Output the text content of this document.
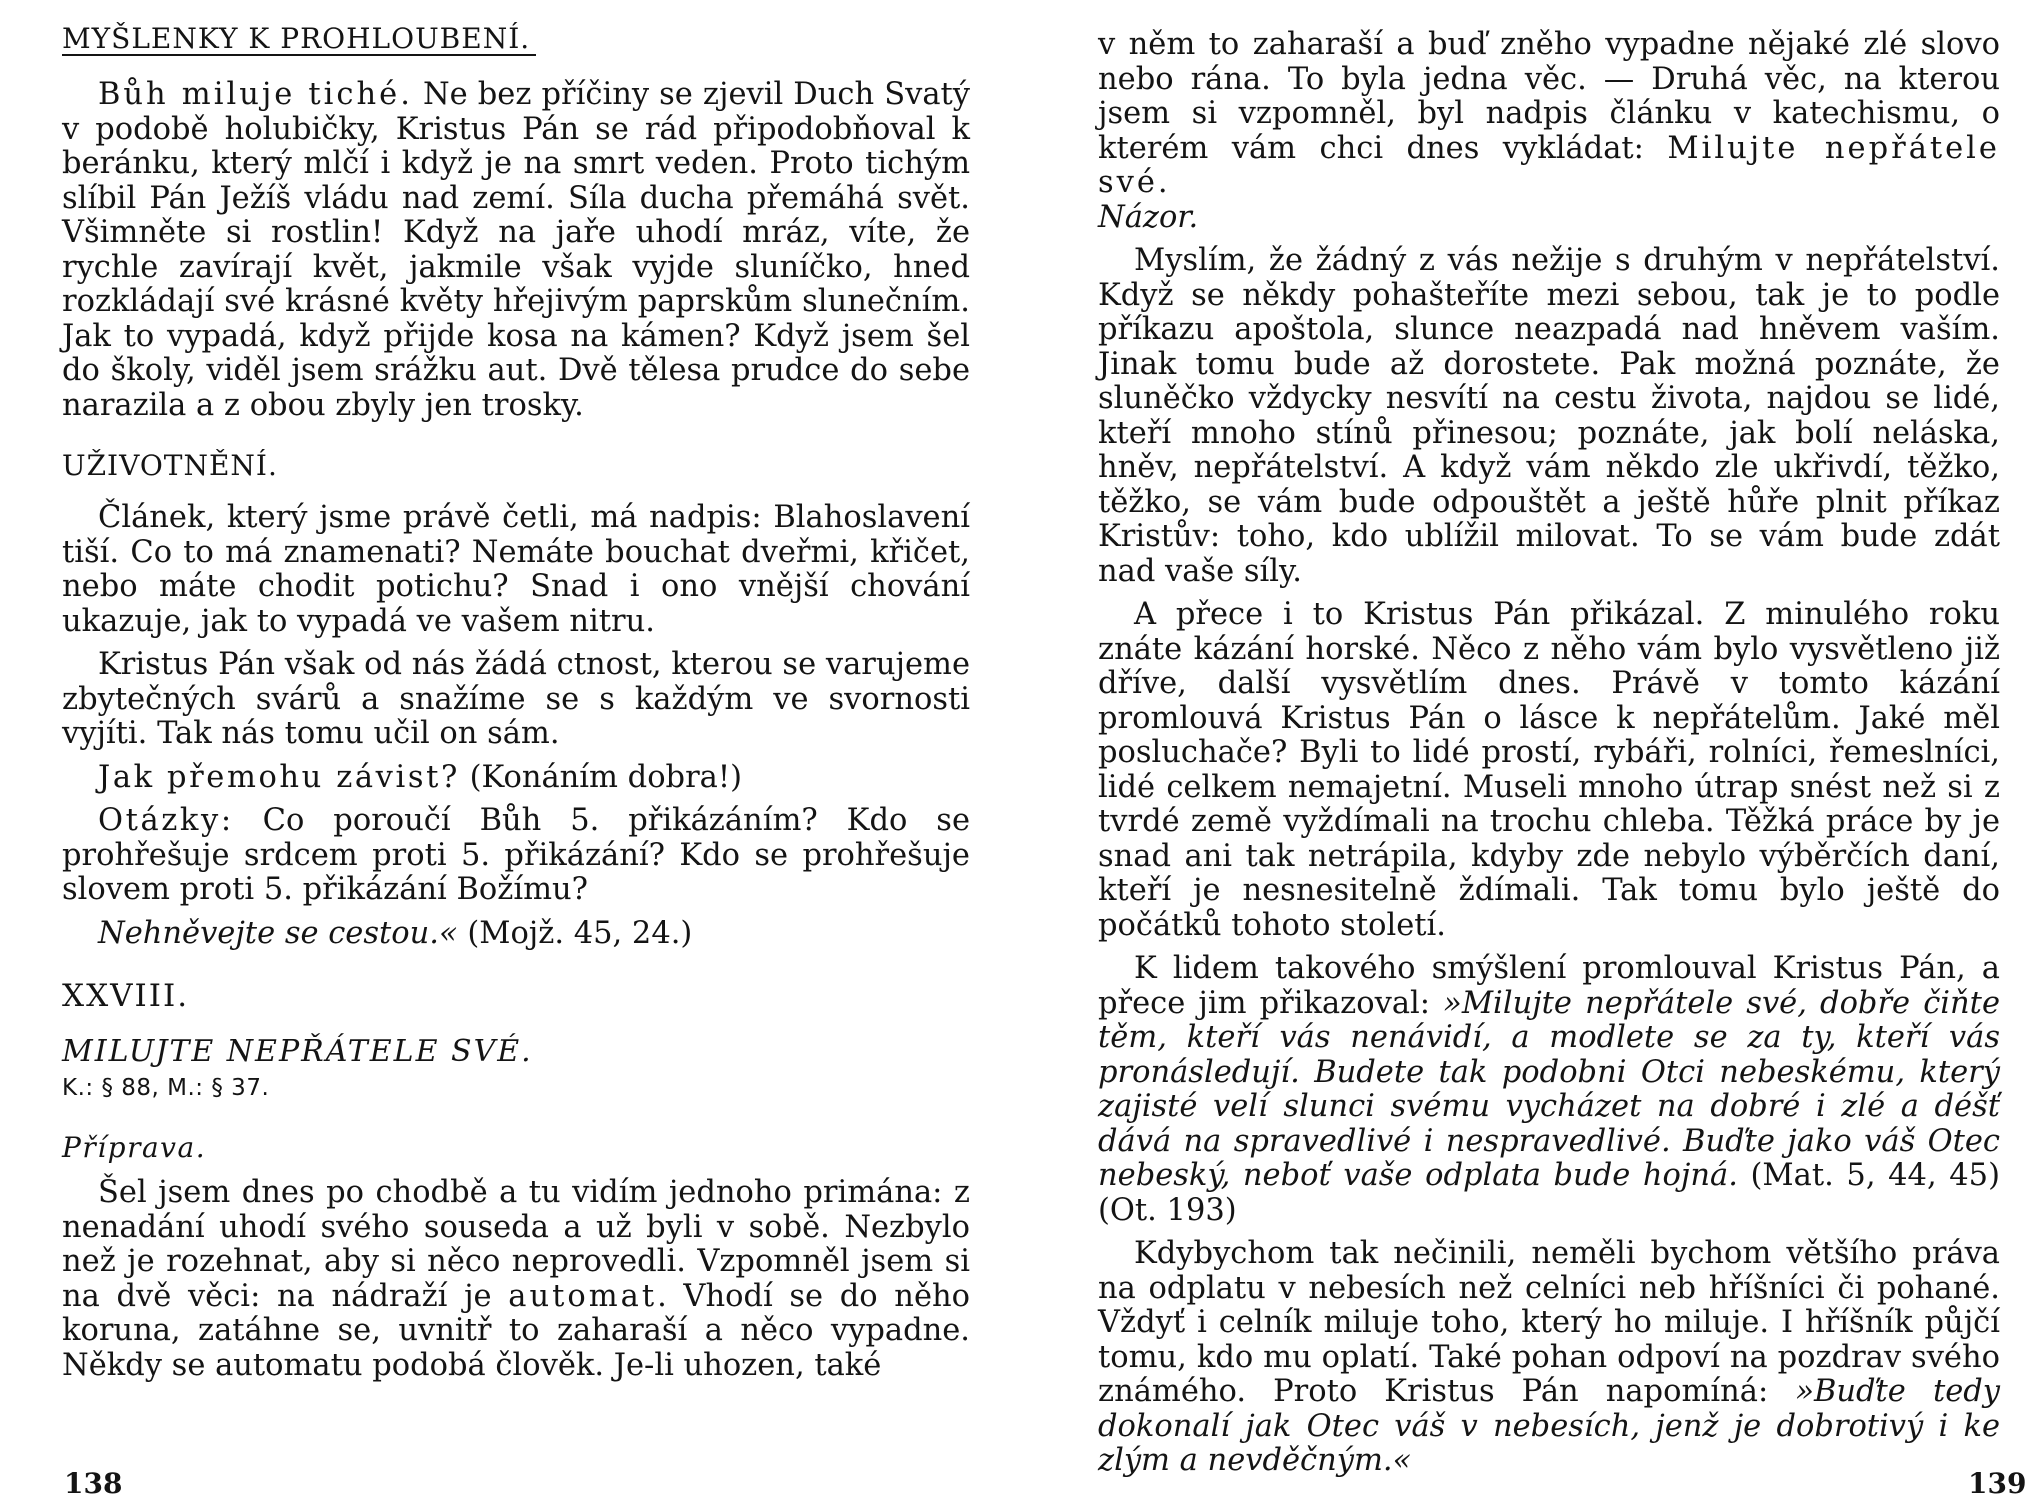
MYŠLENKY K PROHLOUBENÍ.

Bůh miluje tiché. Ne bez příčiny se zjevil Duch Svatý v podobě holubičky, Kristus Pán se rád připodobňoval k beránku, který mlčí i když je na smrt veden. Proto tichým slíbil Pán Ježíš vládu nad zemí. Síla ducha přemáhá svět. Všimněte si rostlin! Když na jaře uhodí mráz, víte, že rychle zavírají květ, jakmile však vyjde sluníčko, hned rozkládají své krásné květy hřejivým paprskům slunečním. Jak to vypadá, když přijde kosa na kámen? Když jsem šel do školy, viděl jsem srážku aut. Dvě tělesa prudce do sebe narazila a z obou zbyly jen trosky.

UŽIVOTNĚNÍ.

Článek, který jsme právě četli, má nadpis: Blahoslavení tiší. Co to má znamenati? Nemáte bouchat dveřmi, křičet, nebo máte chodit potichu? Snad i ono vnější chování ukazuje, jak to vypadá ve vašem nitru.

Kristus Pán však od nás žádá ctnost, kterou se varujeme zbytečných svárů a snažíme se s každým ve svornosti vyjíti. Tak nás tomu učil on sám.

Jak přemohu závist? (Konáním dobra!)

Otázky: Co poroučí Bůh 5. přikázáním? Kdo se prohřešuje srdcem proti 5. přikázání? Kdo se prohřešuje slovem proti 5. přikázání Božímu?

Nehněvejte se cestou.« (Mojž. 45, 24.)

XXVIII.
MILUJTE NEPŘÁTELE SVÉ.
K.: § 88, M.: § 37.
Příprava.

Šel jsem dnes po chodbě a tu vidím jednoho primána: z nenadání uhodí svého souseda a už byli v sobě. Nezbylo než je rozehnat, aby si něco neprovedli. Vzpomněl jsem si na dvě věci: na nádraží je automat. Vhodí se do něho koruna, zatáhne se, uvnitř to zaharaší a něco vypadne. Někdy se automatu podobá člověk. Je-li uhozen, také

138

v něm to zaharaší a buď zněho vypadne nějaké zlé slovo nebo rána. To byla jedna věc. — Druhá věc, na kterou jsem si vzpomněl, byl nadpis článku v katechismu, o kterém vám chci dnes vykládat: Milujte nepřátele své.
Názor.

Myslím, že žádný z vás nežije s druhým v nepřátelství. Když se někdy pohašteříte mezi sebou, tak je to podle příkazu apoštola, slunce neazpadá nad hněvem vaším. Jinak tomu bude až dorostete. Pak možná poznáte, že sluněčko vždycky nesvítí na cestu života, najdou se lidé, kteří mnoho stínů přinesou; poznáte, jak bolí neláska, hněv, nepřátelství. A když vám někdo zle ukřivdí, těžko, těžko, se vám bude odpouštět a ještě hůře plnit příkaz Kristův: toho, kdo ublížil milovat. To se vám bude zdát nad vaše síly.

A přece i to Kristus Pán přikázal. Z minulého roku znáte kázání horské. Něco z něho vám bylo vysvětleno již dříve, další vysvětlím dnes. Právě v tomto kázání promlouvá Kristus Pán o lásce k nepřátelům. Jaké měl posluchače? Byli to lidé prostí, rybáři, rolníci, řemeslníci, lidé celkem nemajetní. Museli mnoho útrap snést než si z tvrdé země vyždímali na trochu chleba. Těžká práce by je snad ani tak netrápila, kdyby zde nebylo výběrčích daní, kteří je nesnesitelně ždímali. Tak tomu bylo ještě do počátků tohoto století.

K lidem takového smýšlení promlouval Kristus Pán, a přece jim přikazoval: »Milujte nepřátele své, dobře čiňte těm, kteří vás nenávidí, a modlete se za ty, kteří vás pronásledují. Budete tak podobni Otci nebeskému, který zajisté velí slunci svému vycházet na dobré i zlé a déšť dává na spravedlivé i nespravedlivé. Buďte jako váš Otec nebeský, neboť vaše odplata bude hojná. (Mat. 5, 44, 45) (Ot. 193)

Kdybychom tak nečinili, neměli bychom většího práva na odplatu v nebesích než celníci neb hříšníci či pohané. Vždyť i celník miluje toho, který ho miluje. I hříšník půjčí tomu, kdo mu oplatí. Také pohan odpoví na pozdrav svého známého. Proto Kristus Pán napomíná: »Buďte tedy dokonalí jak Otec váš v nebesích, jenž je dobrotivý i ke zlým a nevděčným.«

139
